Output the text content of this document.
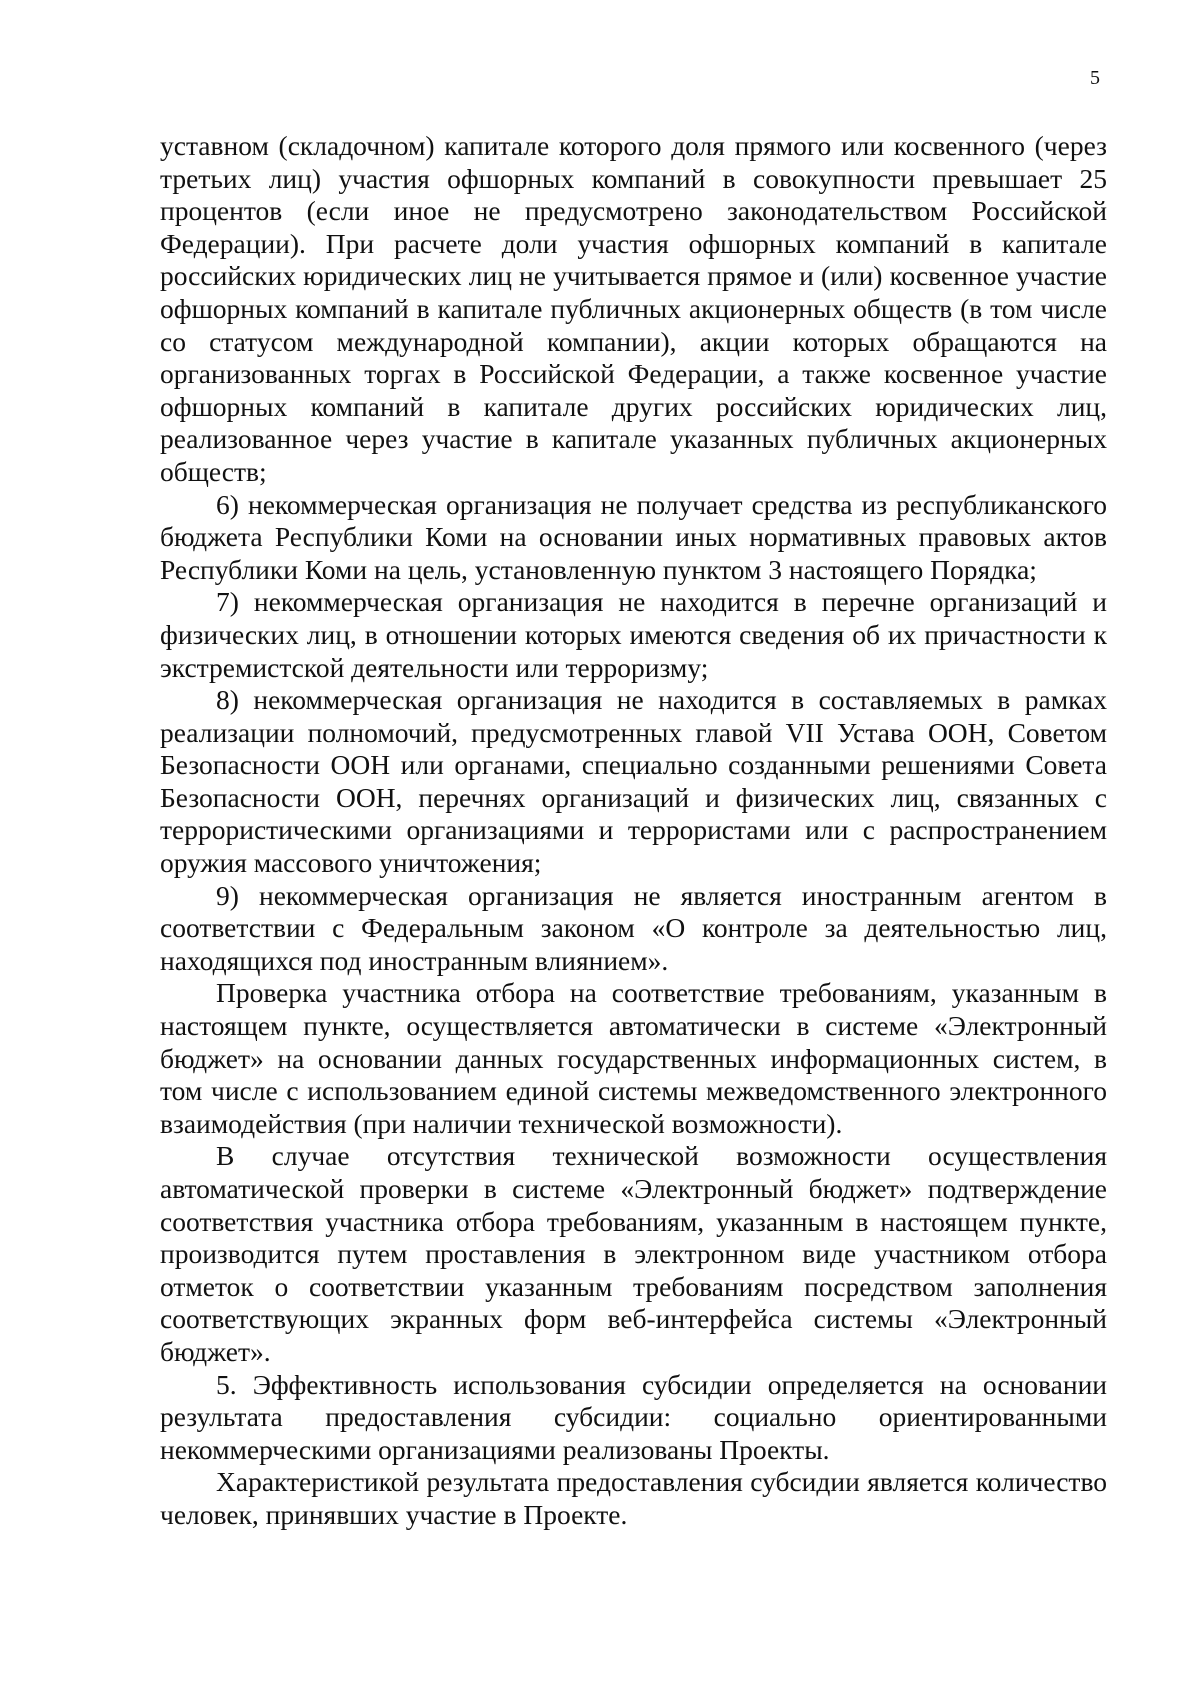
5

уставном (складочном) капитале которого доля прямого или косвенного (через третьих лиц) участия офшорных компаний в совокупности превышает 25 процентов (если иное не предусмотрено законодательством Российской Федерации). При расчете доли участия офшорных компаний в капитале российских юридических лиц не учитывается прямое и (или) косвенное участие офшорных компаний в капитале публичных акционерных обществ (в том числе со статусом международной компании), акции которых обращаются на организованных торгах в Российской Федерации, а также косвенное участие офшорных компаний в капитале других российских юридических лиц, реализованное через участие в капитале указанных публичных акционерных обществ;

6) некоммерческая организация не получает средства из республиканского бюджета Республики Коми на основании иных нормативных правовых актов Республики Коми на цель, установленную пунктом 3 настоящего Порядка;

7) некоммерческая организация не находится в перечне организаций и физических лиц, в отношении которых имеются сведения об их причастности к экстремистской деятельности или терроризму;

8) некоммерческая организация не находится в составляемых в рамках реализации полномочий, предусмотренных главой VII Устава ООН, Советом Безопасности ООН или органами, специально созданными решениями Совета Безопасности ООН, перечнях организаций и физических лиц, связанных с террористическими организациями и террористами или с распространением оружия массового уничтожения;

9) некоммерческая организация не является иностранным агентом в соответствии с Федеральным законом «О контроле за деятельностью лиц, находящихся под иностранным влиянием».

Проверка участника отбора на соответствие требованиям, указанным в настоящем пункте, осуществляется автоматически в системе «Электронный бюджет» на основании данных государственных информационных систем, в том числе с использованием единой системы межведомственного электронного взаимодействия (при наличии технической возможности).

В случае отсутствия технической возможности осуществления автоматической проверки в системе «Электронный бюджет» подтверждение соответствия участника отбора требованиям, указанным в настоящем пункте, производится путем проставления в электронном виде участником отбора отметок о соответствии указанным требованиям посредством заполнения соответствующих экранных форм веб-интерфейса системы «Электронный бюджет».

5. Эффективность использования субсидии определяется на основании результата предоставления субсидии: социально ориентированными некоммерческими организациями реализованы Проекты.

Характеристикой результата предоставления субсидии является количество человек, принявших участие в Проекте.
